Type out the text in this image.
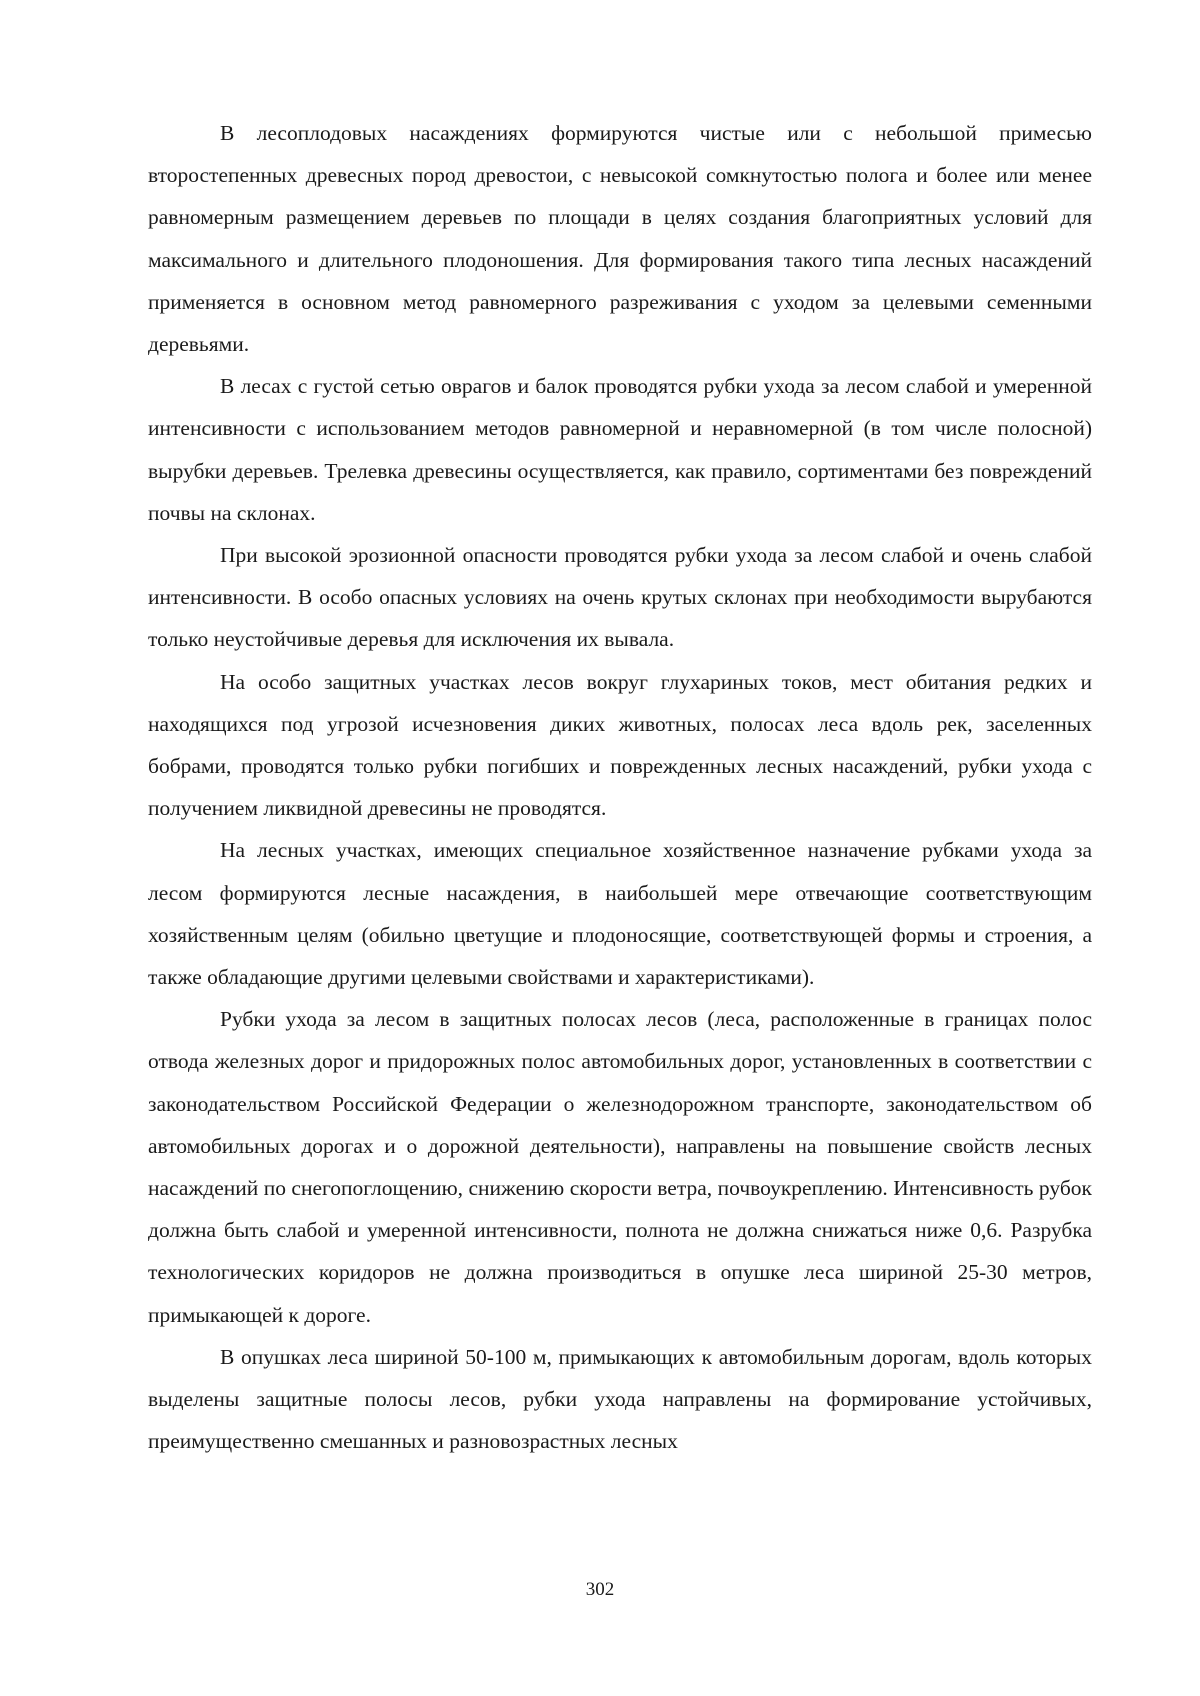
В лесоплодовых насаждениях формируются чистые или с небольшой примесью второстепенных древесных пород древостои, с невысокой сомкнутостью полога и более или менее равномерным размещением деревьев по площади в целях создания благоприятных условий для максимального и длительного плодоношения. Для формирования такого типа лесных насаждений применяется в основном метод равномерного разреживания с уходом за целевыми семенными деревьями.

В лесах с густой сетью оврагов и балок проводятся рубки ухода за лесом слабой и умеренной интенсивности с использованием методов равномерной и неравномерной (в том числе полосной) вырубки деревьев. Трелевка древесины осуществляется, как правило, сортиментами без повреждений почвы на склонах.

При высокой эрозионной опасности проводятся рубки ухода за лесом слабой и очень слабой интенсивности. В особо опасных условиях на очень крутых склонах при необходимости вырубаются только неустойчивые деревья для исключения их вывала.

На особо защитных участках лесов вокруг глухариных токов, мест обитания редких и находящихся под угрозой исчезновения диких животных, полосах леса вдоль рек, заселенных бобрами, проводятся только рубки погибших и поврежденных лесных насаждений, рубки ухода с получением ликвидной древесины не проводятся.

На лесных участках, имеющих специальное хозяйственное назначение рубками ухода за лесом формируются лесные насаждения, в наибольшей мере отвечающие соответствующим хозяйственным целям (обильно цветущие и плодоносящие, соответствующей формы и строения, а также обладающие другими целевыми свойствами и характеристиками).

Рубки ухода за лесом в защитных полосах лесов (леса, расположенные в границах полос отвода железных дорог и придорожных полос автомобильных дорог, установленных в соответствии с законодательством Российской Федерации о железнодорожном транспорте, законодательством об автомобильных дорогах и о дорожной деятельности), направлены на повышение свойств лесных насаждений по снегопоглощению, снижению скорости ветра, почвоукреплению. Интенсивность рубок должна быть слабой и умеренной интенсивности, полнота не должна снижаться ниже 0,6. Разрубка технологических коридоров не должна производиться в опушке леса шириной 25-30 метров, примыкающей к дороге.

В опушках леса шириной 50-100 м, примыкающих к автомобильным дорогам, вдоль которых выделены защитные полосы лесов, рубки ухода направлены на формирование устойчивых, преимущественно смешанных и разновозрастных лесных

302
